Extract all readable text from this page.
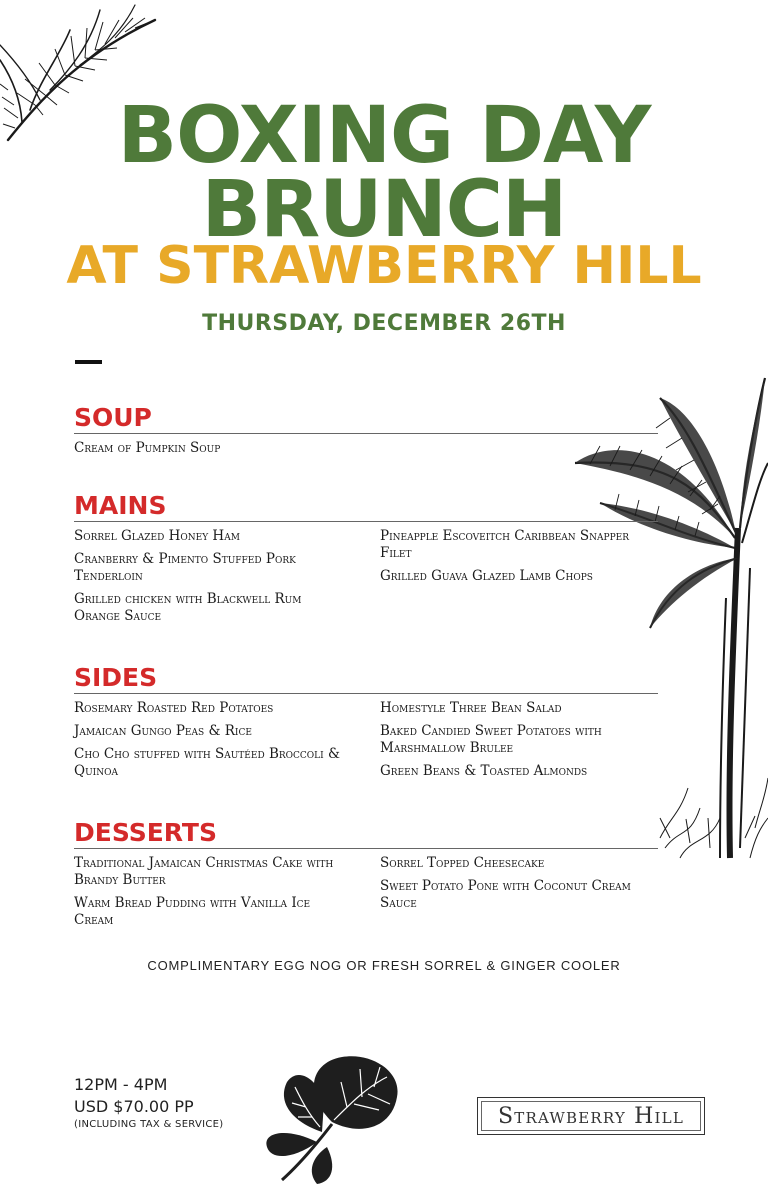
BOXING DAY
BRUNCH
AT STRAWBERRY HILL
THURSDAY, DECEMBER 26TH
SOUP
Cream of Pumpkin Soup
MAINS
Sorrel Glazed Honey Ham
Cranberry & Pimento Stuffed Pork Tenderloin
Grilled chicken with Blackwell Rum Orange Sauce
Pineapple Escoveitch Caribbean Snapper Filet
Grilled Guava Glazed Lamb Chops
SIDES
Rosemary Roasted Red Potatoes
Jamaican Gungo Peas & Rice
Cho Cho stuffed with Sautéed Broccoli & Quinoa
Homestyle Three Bean Salad
Baked Candied Sweet Potatoes with Marshmallow Brulee
Green Beans & Toasted Almonds
DESSERTS
Traditional Jamaican Christmas Cake with Brandy Butter
Warm Bread Pudding with Vanilla Ice Cream
Sorrel Topped Cheesecake
Sweet Potato Pone with Coconut Cream Sauce
COMPLIMENTARY EGG NOG OR FRESH SORREL & GINGER COOLER
12PM - 4PM
USD $70.00 PP
(INCLUDING TAX & SERVICE)	Strawberry Hill
